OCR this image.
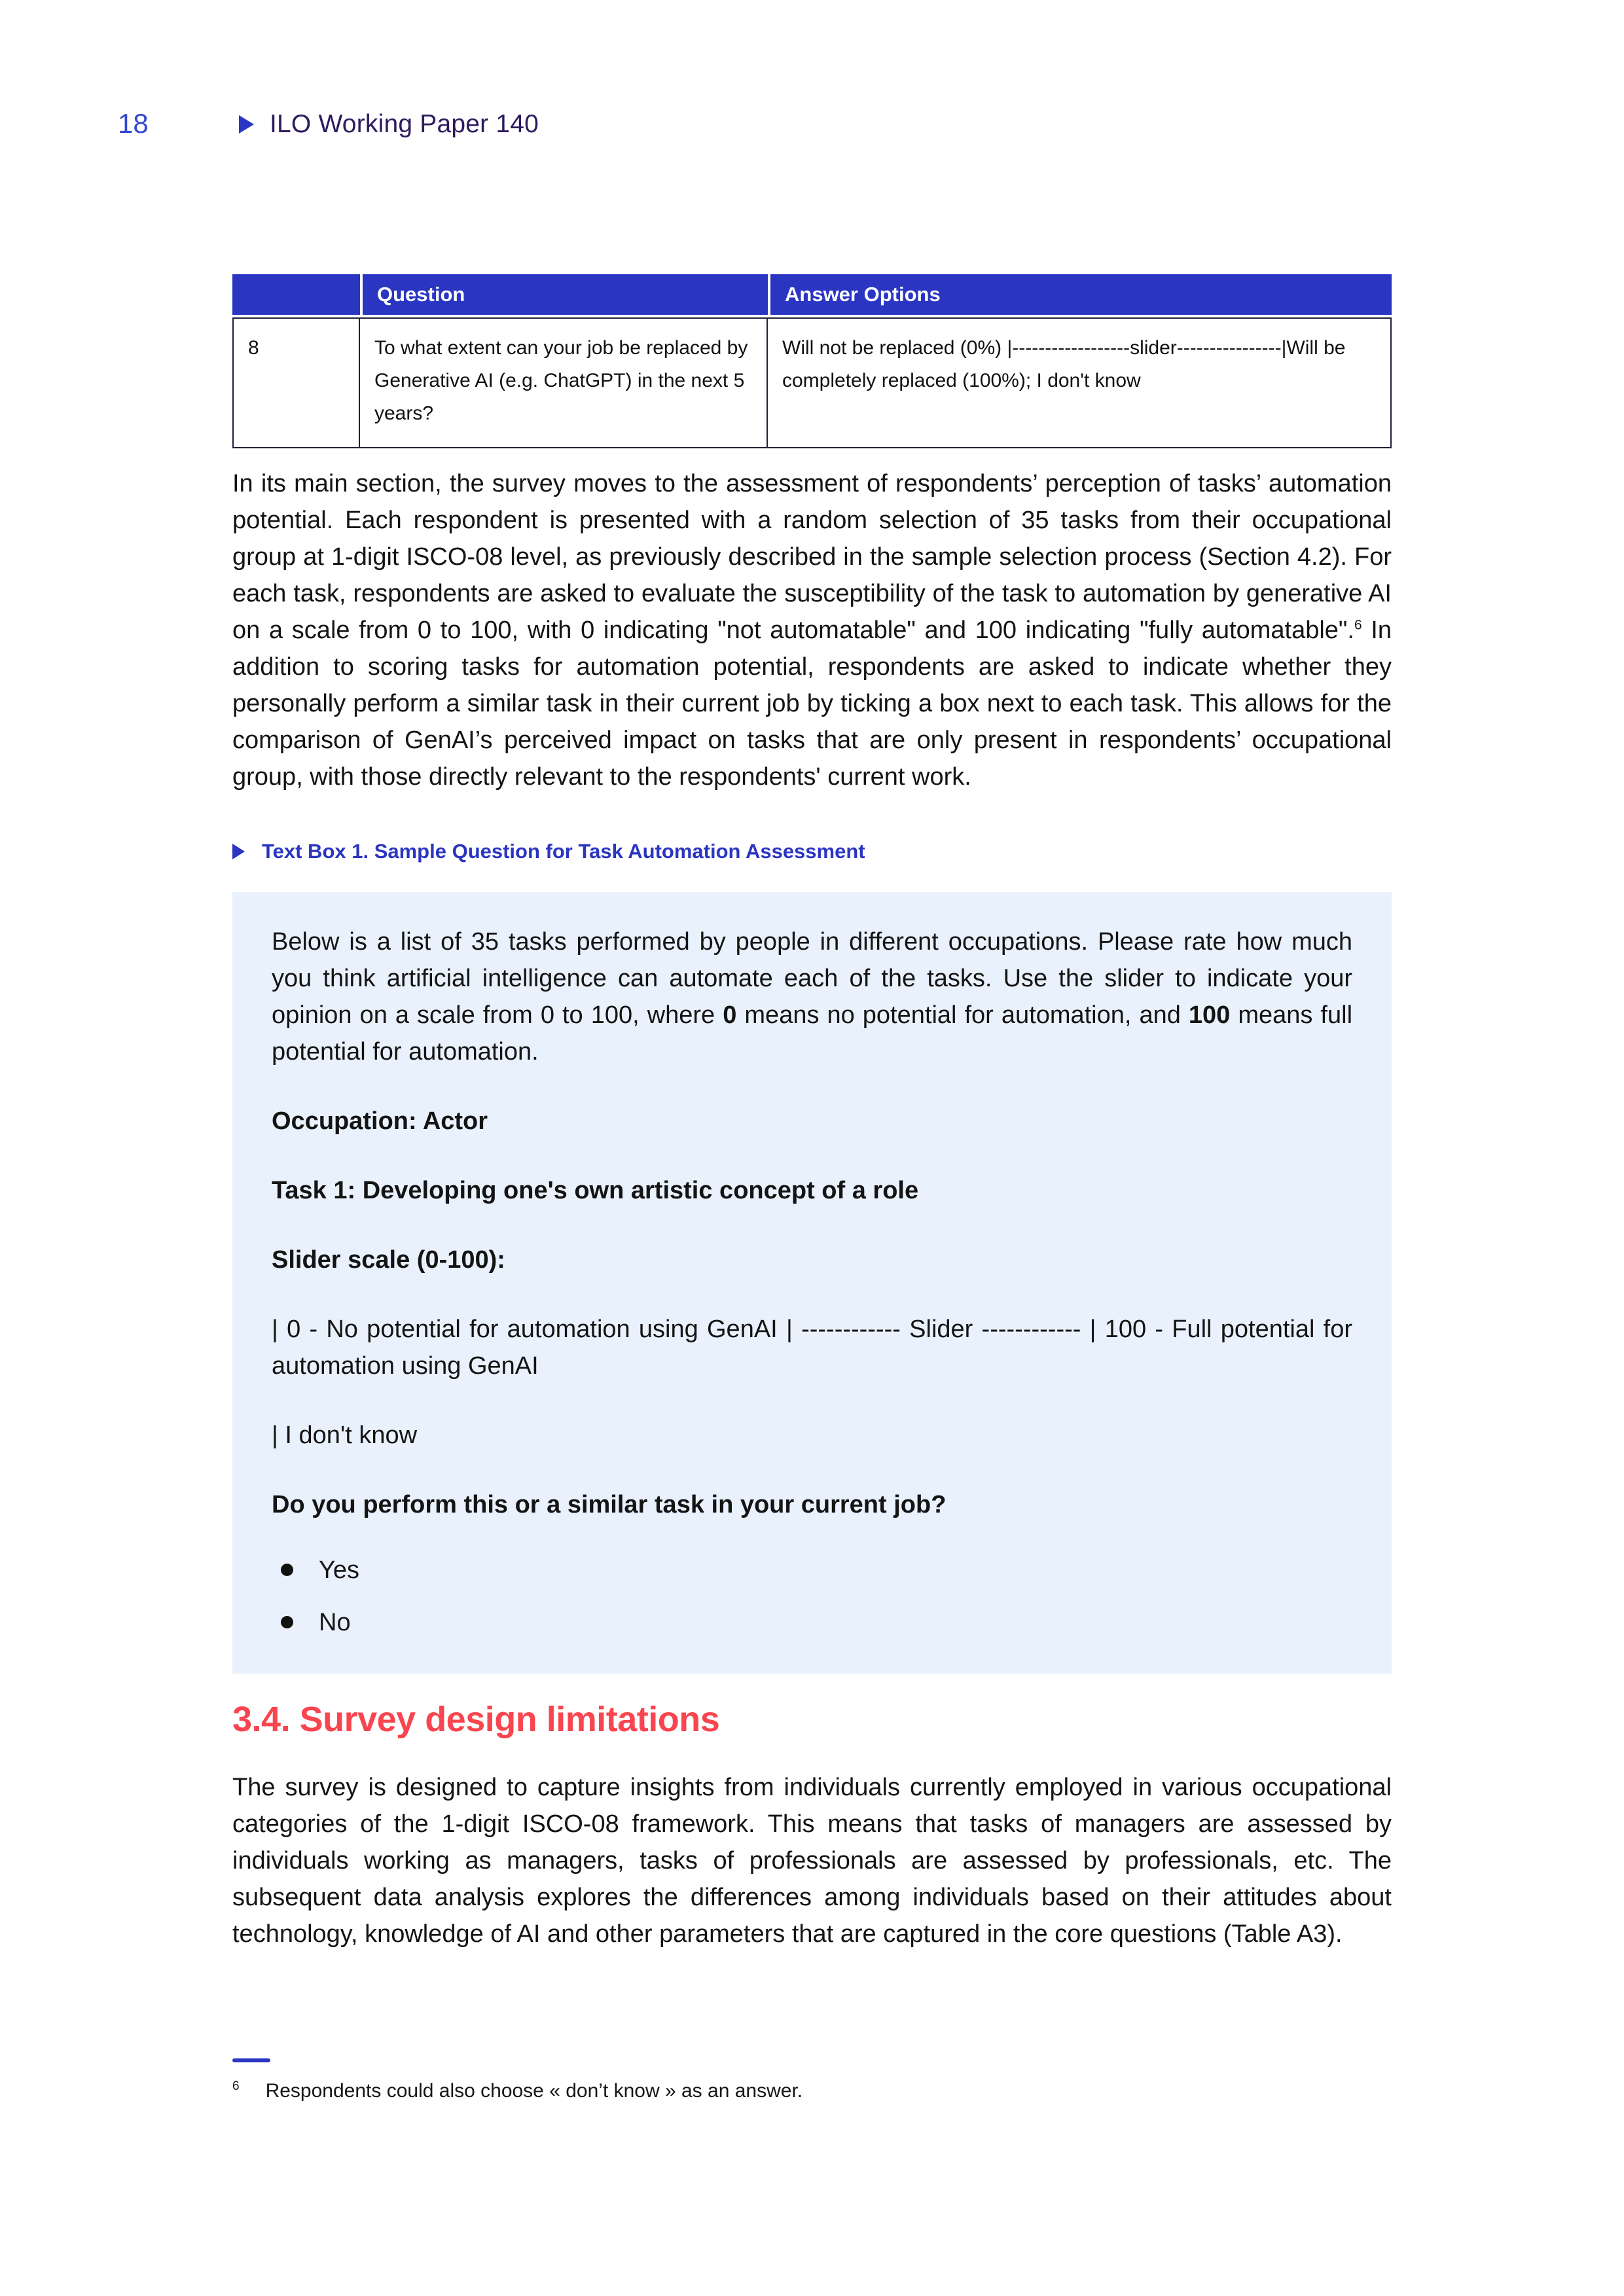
18	ILO Working Paper 140
	Question	Answer Options
8	To what extent can your job be replaced by Generative AI (e.g. ChatGPT) in the next 5 years?	Will not be replaced (0%) |------------------slider----------------|Will be completely replaced (100%); I don't know

In its main section, the survey moves to the assessment of respondents’ perception of tasks’ automation potential. Each respondent is presented with a random selection of 35 tasks from their occupational group at 1-digit ISCO-08 level, as previously described in the sample selection process (Section 4.2). For each task, respondents are asked to evaluate the susceptibility of the task to automation by generative AI on a scale from 0 to 100, with 0 indicating "not automatable" and 100 indicating "fully automatable".$^6$ In addition to scoring tasks for automation potential, respondents are asked to indicate whether they personally perform a similar task in their current job by ticking a box next to each task. This allows for the comparison of GenAI’s perceived impact on tasks that are only present in respondents’ occupational group, with those directly relevant to the respondents' current work.

Text Box 1. Sample Question for Task Automation Assessment

Below is a list of 35 tasks performed by people in different occupations. Please rate how much you think artificial intelligence can automate each of the tasks. Use the slider to indicate your opinion on a scale from 0 to 100, where 0 means no potential for automation, and 100 means full potential for automation.

Occupation: Actor

Task 1: Developing one's own artistic concept of a role

Slider scale (0-100):

| 0 - No potential for automation using GenAI | ------------ Slider ------------ | 100 - Full potential for automation using GenAI

| I don't know

Do you perform this or a similar task in your current job?

Yes
No
3.4. Survey design limitations

The survey is designed to capture insights from individuals currently employed in various occupational categories of the 1-digit ISCO-08 framework. This means that tasks of managers are assessed by individuals working as managers, tasks of professionals are assessed by professionals, etc. The subsequent data analysis explores the differences among individuals based on their attitudes about technology, knowledge of AI and other parameters that are captured in the core questions (Table A3).

$^6$ Respondents could also choose « don’t know » as an answer.
